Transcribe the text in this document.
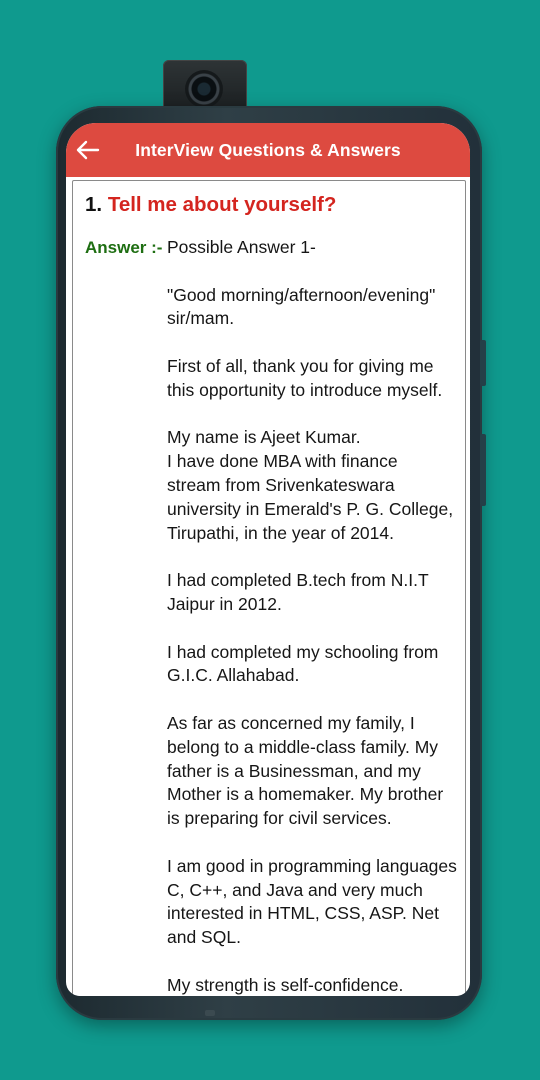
InterView Questions & Answers
1. Tell me about yourself?
Answer :- Possible Answer 1-

"Good morning/afternoon/evening"
sir/mam.

First of all, thank you for giving me
this opportunity to introduce myself.

My name is Ajeet Kumar.
I have done MBA with finance
stream from Srivenkateswara
university in Emerald's P. G. College,
Tirupathi, in the year of 2014.

I had completed B.tech from N.I.T
Jaipur in 2012.

I had completed my schooling from
G.I.C. Allahabad.

As far as concerned my family, I
belong to a middle-class family. My
father is a Businessman, and my
Mother is a homemaker. My brother
is preparing for civil services.

I am good in programming languages
C, C++, and Java and very much
interested in HTML, CSS, ASP. Net
and SQL.

My strength is self-confidence.
